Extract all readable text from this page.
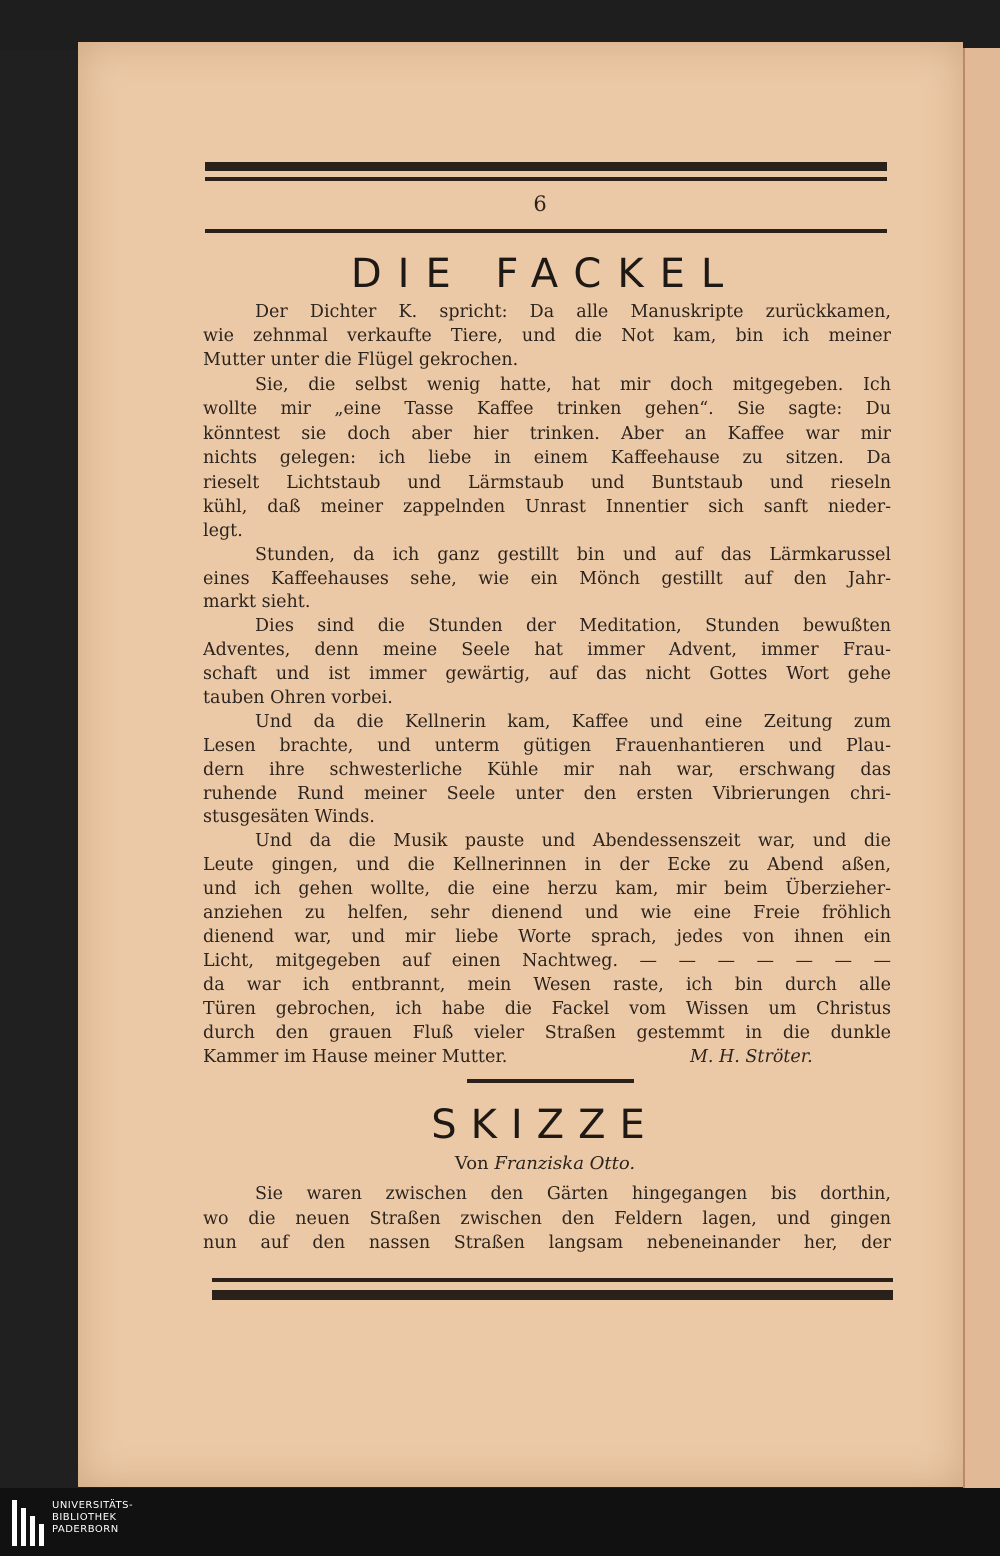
6
DIE FACKEL
Der Dichter K. spricht: Da alle Manuskripte zurückkamen,
wie zehnmal verkaufte Tiere, und die Not kam, bin ich meiner
Mutter unter die Flügel gekrochen.
Sie, die selbst wenig hatte, hat mir doch mitgegeben. Ich
wollte mir „eine Tasse Kaffee trinken gehen“. Sie sagte: Du
könntest sie doch aber hier trinken. Aber an Kaffee war mir
nichts gelegen: ich liebe in einem Kaffeehause zu sitzen. Da
rieselt Lichtstaub und Lärmstaub und Buntstaub und rieseln
kühl, daß meiner zappelnden Unrast Innentier sich sanft nieder-
legt.
Stunden, da ich ganz gestillt bin und auf das Lärmkarussel
eines Kaffeehauses sehe, wie ein Mönch gestillt auf den Jahr-
markt sieht.
Dies sind die Stunden der Meditation, Stunden bewußten
Adventes, denn meine Seele hat immer Advent, immer Frau-
schaft und ist immer gewärtig, auf das nicht Gottes Wort gehe
tauben Ohren vorbei.
Und da die Kellnerin kam, Kaffee und eine Zeitung zum
Lesen brachte, und unterm gütigen Frauenhantieren und Plau-
dern ihre schwesterliche Kühle mir nah war, erschwang das
ruhende Rund meiner Seele unter den ersten Vibrierungen chri-
stusgesäten Winds.
Und da die Musik pauste und Abendessenszeit war, und die
Leute gingen, und die Kellnerinnen in der Ecke zu Abend aßen,
und ich gehen wollte, die eine herzu kam, mir beim Überzieher-
anziehen zu helfen, sehr dienend und wie eine Freie fröhlich
dienend war, und mir liebe Worte sprach, jedes von ihnen ein
Licht, mitgegeben auf einen Nachtweg. — — — — — — —
da war ich entbrannt, mein Wesen raste, ich bin durch alle
Türen gebrochen, ich habe die Fackel vom Wissen um Christus
durch den grauen Fluß vieler Straßen gestemmt in die dunkle
Kammer im Hause meiner Mutter.	M. H. Ströter.
SKIZZE
Von Franziska Otto.
Sie waren zwischen den Gärten hingegangen bis dorthin,
wo die neuen Straßen zwischen den Feldern lagen, und gingen
nun auf den nassen Straßen langsam nebeneinander her, der
UNIVERSITÄTS-
BIBLIOTHEK
PADERBORN
